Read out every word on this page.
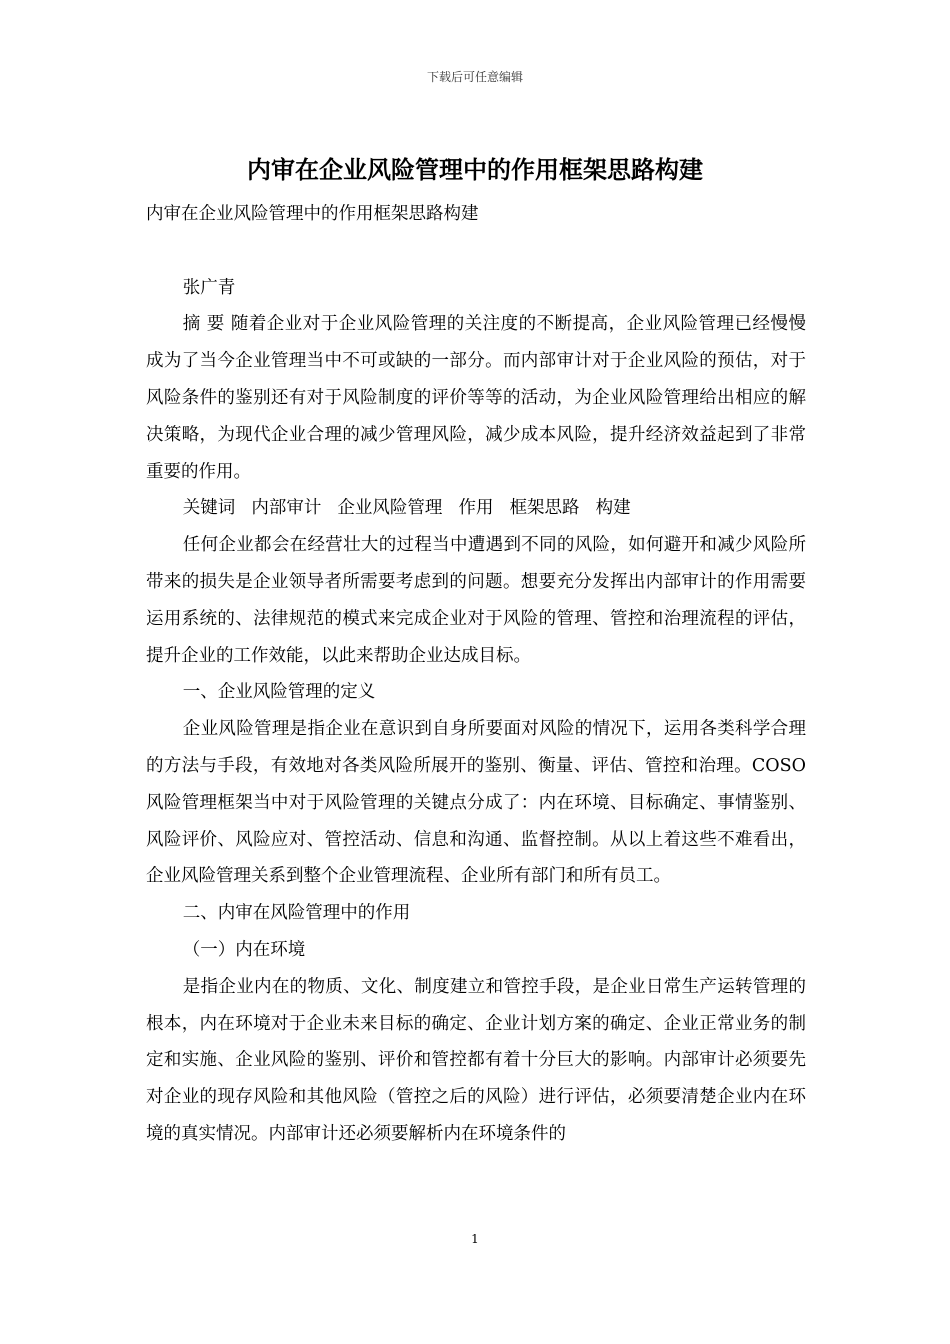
下载后可任意编辑
内审在企业风险管理中的作用框架思路构建

内审在企业风险管理中的作用框架思路构建

张广青

摘 要 随着企业对于企业风险管理的关注度的不断提高，企业风险管理已经慢慢成为了当今企业管理当中不可或缺的一部分。而内部审计对于企业风险的预估，对于风险条件的鉴别还有对于风险制度的评价等等的活动，为企业风险管理给出相应的解决策略，为现代企业合理的减少管理风险，减少成本风险，提升经济效益起到了非常重要的作用。

关键词 内部审计 企业风险管理 作用 框架思路 构建

任何企业都会在经营壮大的过程当中遭遇到不同的风险，如何避开和减少风险所带来的损失是企业领导者所需要考虑到的问题。想要充分发挥出内部审计的作用需要运用系统的、法律规范的模式来完成企业对于风险的管理、管控和治理流程的评估，提升企业的工作效能，以此来帮助企业达成目标。

一、企业风险管理的定义

企业风险管理是指企业在意识到自身所要面对风险的情况下，运用各类科学合理的方法与手段，有效地对各类风险所展开的鉴别、衡量、评估、管控和治理。COSO风险管理框架当中对于风险管理的关键点分成了：内在环境、目标确定、事情鉴别、风险评价、风险应对、管控活动、信息和沟通、监督控制。从以上着这些不难看出，企业风险管理关系到整个企业管理流程、企业所有部门和所有员工。

二、内审在风险管理中的作用

（一）内在环境

是指企业内在的物质、文化、制度建立和管控手段，是企业日常生产运转管理的根本，内在环境对于企业未来目标的确定、企业计划方案的确定、企业正常业务的制定和实施、企业风险的鉴别、评价和管控都有着十分巨大的影响。内部审计必须要先对企业的现存风险和其他风险（管控之后的风险）进行评估，必须要清楚企业内在环境的真实情况。内部审计还必须要解析内在环境条件的

1
